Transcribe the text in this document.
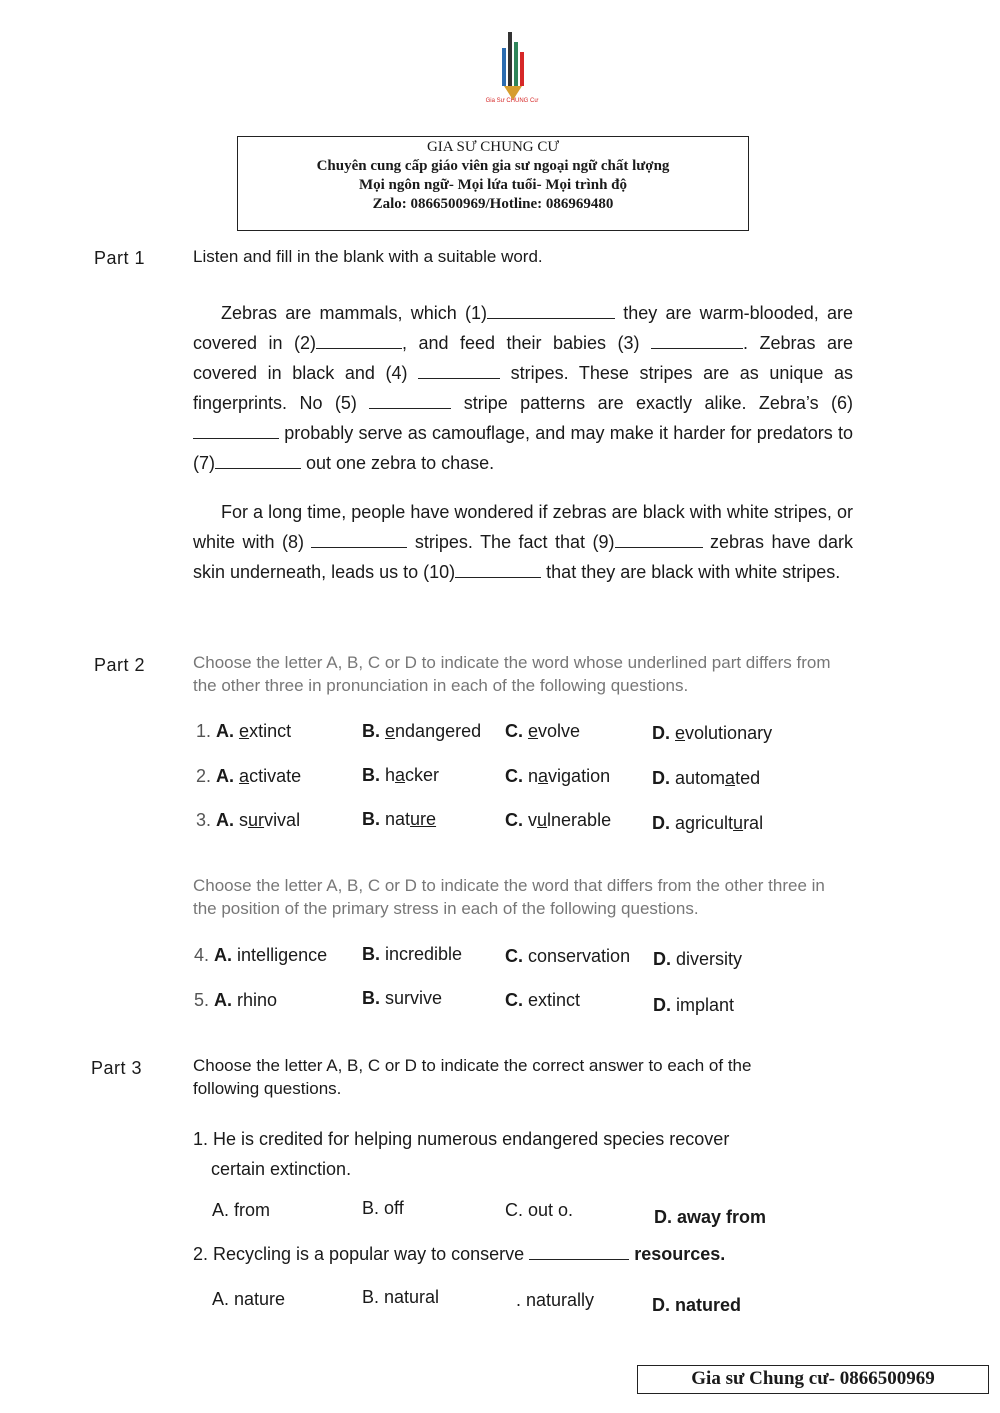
Gia Sư CHUNG Cư
GIA SƯ CHUNG CƯ
Chuyên cung cấp giáo viên gia sư ngoại ngữ chất lượng
Mọi ngôn ngữ- Mọi lứa tuổi- Mọi trình độ
Zalo: 0866500969/Hotline: 086969480
Part 1	Listen and fill in the blank with a suitable word.
Zebras are mammals, which (1)	they are warm-blooded, are covered in (2)	, and feed their babies (3)	. Zebras are covered in black and (4)	stripes. These stripes are as unique as fingerprints. No (5)	stripe patterns are exactly alike. Zebra’s (6) probably serve as camouflage, and may make it harder for predators to (7)	out one zebra to chase.
For a long time, people have wondered if zebras are black with white stripes, or white with (8)	stripes. The fact that (9)	zebras have dark skin underneath, leads us to (10)	that they are black with white stripes.
Part 2	Choose the letter A, B, C or D to indicate the word whose underlined part differs from the other three in pronunciation in each of the following questions.
1. A. extinct	B. endangered C. evolve	D. evolutionary
2. A. activate	B. hacker	C. navigation D. automated
3. A. survival	B. nature	C. vulnerable D. agricultural
Choose the letter A, B, C or D to indicate the word that differs from the other three in the position of the primary stress in each of the following questions.
4. A. intelligence B. incredible C. conservation D. diversity
5. A. rhino	B. survive	C. extinct	D. implant
Part 3	Choose the letter A, B, C or D to indicate the correct answer to each of the following questions.
1. He is credited for helping numerous endangered species recover
certain extinction.
A. from	B. off	C. out o.	D. away from
2. Recycling is a popular way to conserve	resources.
A. nature	B. natural	. naturally	D. natured
Gia sư Chung cư- 0866500969
